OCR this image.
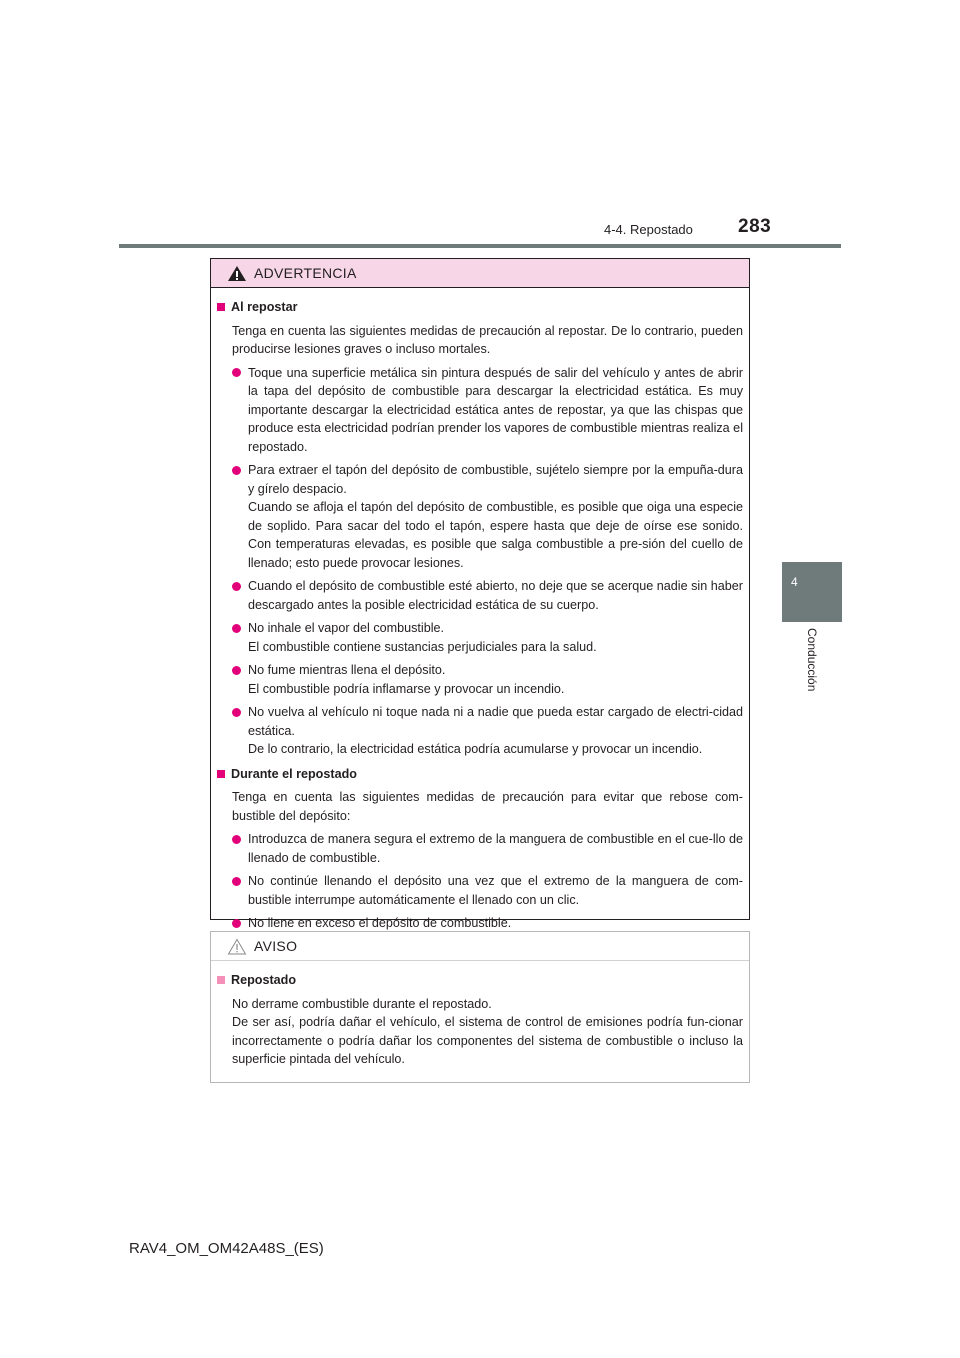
283
4-4. Repostado
4
Conducción
ADVERTENCIA
Al repostar
Tenga en cuenta las siguientes medidas de precaución al repostar. De lo contrario, pueden producirse lesiones graves o incluso mortales.
Toque una superficie metálica sin pintura después de salir del vehículo y antes de abrir la tapa del depósito de combustible para descargar la electricidad estática. Es muy importante descargar la electricidad estática antes de repostar, ya que las chispas que produce esta electricidad podrían prender los vapores de combustible mientras realiza el repostado.
Para extraer el tapón del depósito de combustible, sujételo siempre por la empuña-dura y gírelo despacio.
Cuando se afloja el tapón del depósito de combustible, es posible que oiga una especie de soplido. Para sacar del todo el tapón, espere hasta que deje de oírse ese sonido. Con temperaturas elevadas, es posible que salga combustible a pre-sión del cuello de llenado; esto puede provocar lesiones.
Cuando el depósito de combustible esté abierto, no deje que se acerque nadie sin haber descargado antes la posible electricidad estática de su cuerpo.
No inhale el vapor del combustible.
El combustible contiene sustancias perjudiciales para la salud.
No fume mientras llena el depósito.
El combustible podría inflamarse y provocar un incendio.
No vuelva al vehículo ni toque nada ni a nadie que pueda estar cargado de electri-cidad estática.
De lo contrario, la electricidad estática podría acumularse y provocar un incendio.
Durante el repostado
Tenga en cuenta las siguientes medidas de precaución para evitar que rebose com-bustible del depósito:
Introduzca de manera segura el extremo de la manguera de combustible en el cue-llo de llenado de combustible.
No continúe llenando el depósito una vez que el extremo de la manguera de com-bustible interrumpe automáticamente el llenado con un clic.
No llene en exceso el depósito de combustible.
AVISO
Repostado
No derrame combustible durante el repostado.
De ser así, podría dañar el vehículo, el sistema de control de emisiones podría fun-cionar incorrectamente o podría dañar los componentes del sistema de combustible o incluso la superficie pintada del vehículo.
RAV4_OM_OM42A48S_(ES)
